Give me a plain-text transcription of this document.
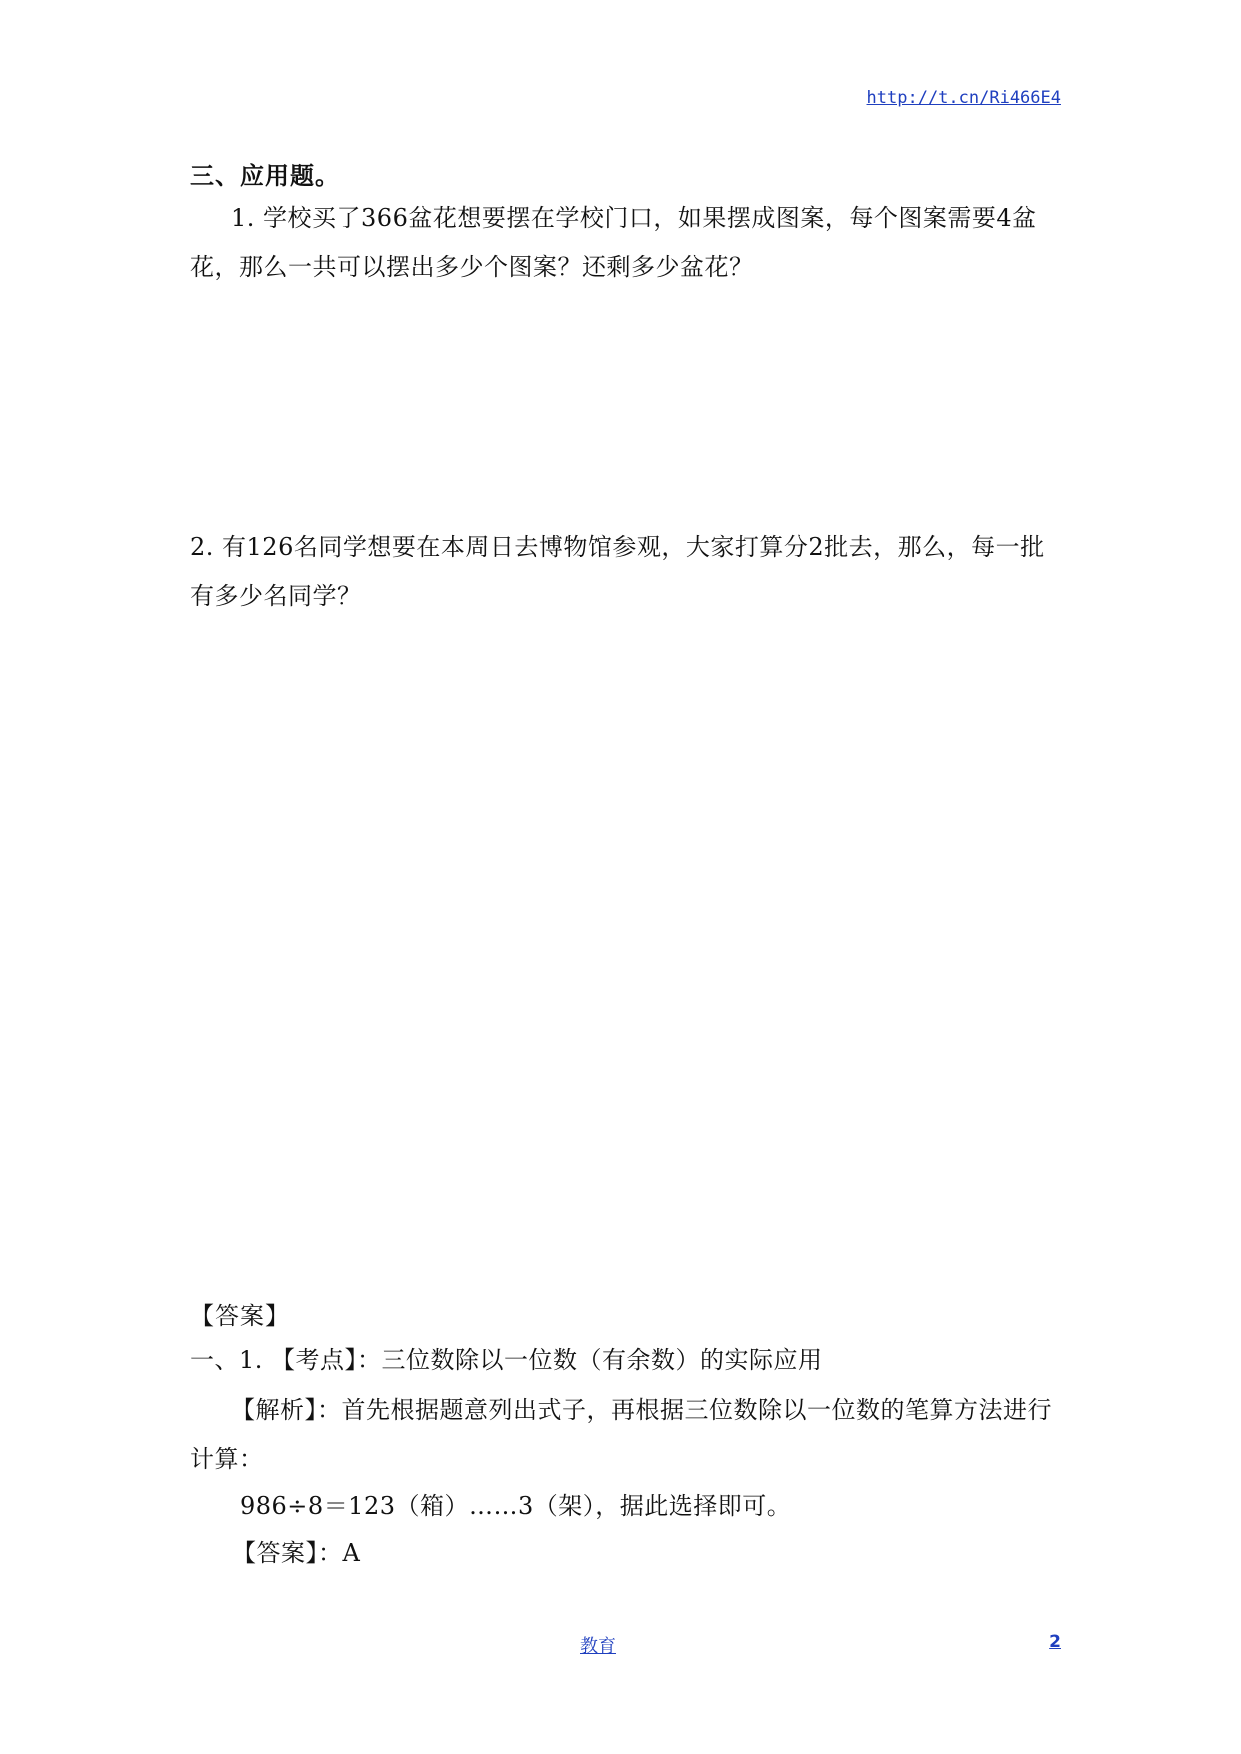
http://t.cn/Ri466E4
三、应用题。
1. 学校买了366盆花想要摆在学校门口，如果摆成图案，每个图案需要4盆花，那么一共可以摆出多少个图案？还剩多少盆花？
2. 有126名同学想要在本周日去博物馆参观，大家打算分2批去，那么，每一批有多少名同学？
【答案】
一、1. 【考点】：三位数除以一位数（有余数）的实际应用
【解析】：首先根据题意列出式子，再根据三位数除以一位数的笔算方法进行计算：
986÷8＝123（箱）……3（架），据此选择即可。
【答案】：A
教育	2
